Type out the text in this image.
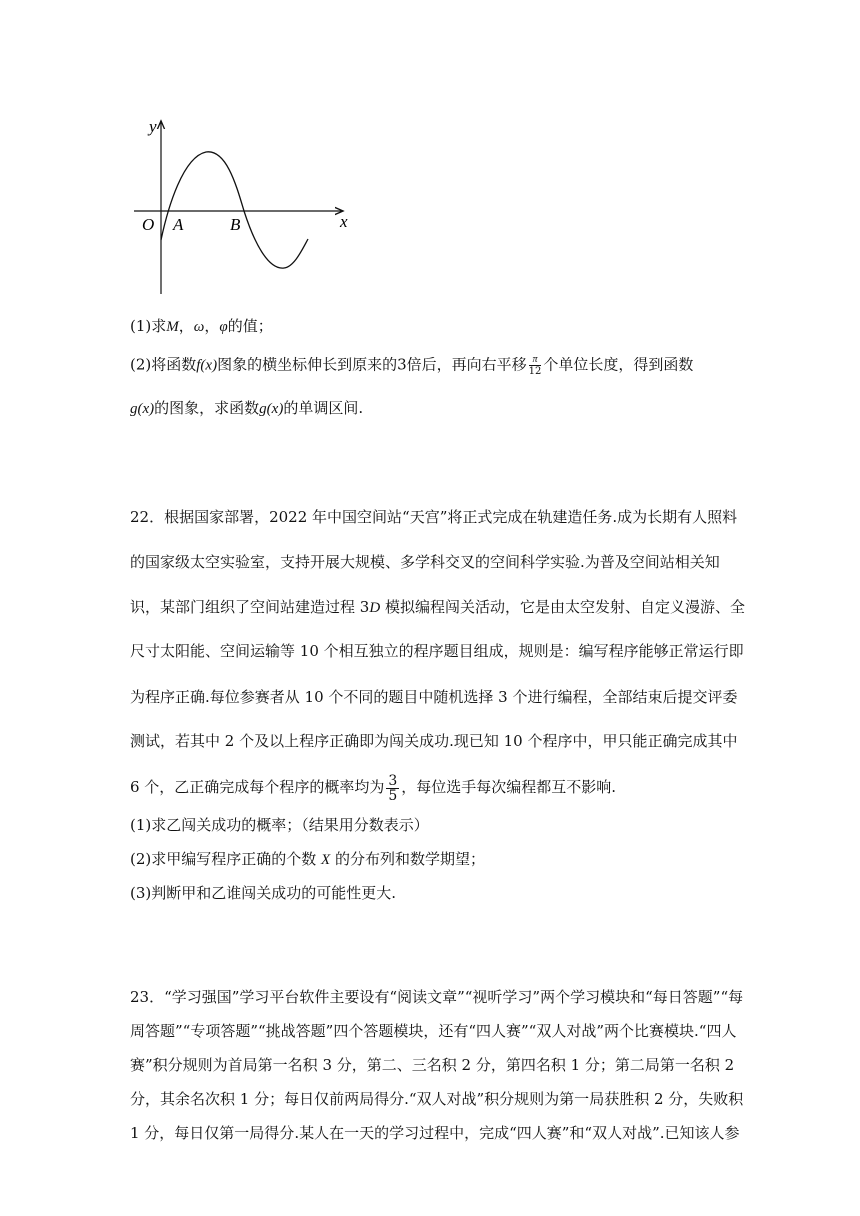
y
x
O A	B
(1)求M，ω，φ的值；
(2)将函数f(x)图象的横坐标伸长到原来的3倍后，再向右平移 $\frac{\pi}{12}$ 个单位长度，得到函数
g(x)的图象，求函数g(x)的单调区间.
22．根据国家部署，2022 年中国空间站“天宫”将正式完成在轨建造任务.成为长期有人照料
的国家级太空实验室，支持开展大规模、多学科交叉的空间科学实验.为普及空间站相关知
识，某部门组织了空间站建造过程 3D 模拟编程闯关活动，它是由太空发射、自定义漫游、全
尺寸太阳能、空间运输等 10 个相互独立的程序题目组成，规则是：编写程序能够正常运行即
为程序正确.每位参赛者从 10 个不同的题目中随机选择 3 个进行编程，全部结束后提交评委
测试，若其中 2 个及以上程序正确即为闯关成功.现已知 10 个程序中，甲只能正确完成其中
6 个，乙正确完成每个程序的概率均为 $\frac{3}{5}$ ，每位选手每次编程都互不影响.
(1)求乙闯关成功的概率；（结果用分数表示）
(2)求甲编写程序正确的个数 X 的分布列和数学期望；
(3)判断甲和乙谁闯关成功的可能性更大.
23．“学习强国”学习平台软件主要设有“阅读文章”“视听学习”两个学习模块和“每日答题”“每
周答题”“专项答题”“挑战答题”四个答题模块，还有“四人赛”“双人对战”两个比赛模块.“四人
赛”积分规则为首局第一名积 3 分，第二、三名积 2 分，第四名积 1 分；第二局第一名积 2
分，其余名次积 1 分；每日仅前两局得分.“双人对战”积分规则为第一局获胜积 2 分，失败积
1 分，每日仅第一局得分.某人在一天的学习过程中，完成“四人赛”和“双人对战”.已知该人参
